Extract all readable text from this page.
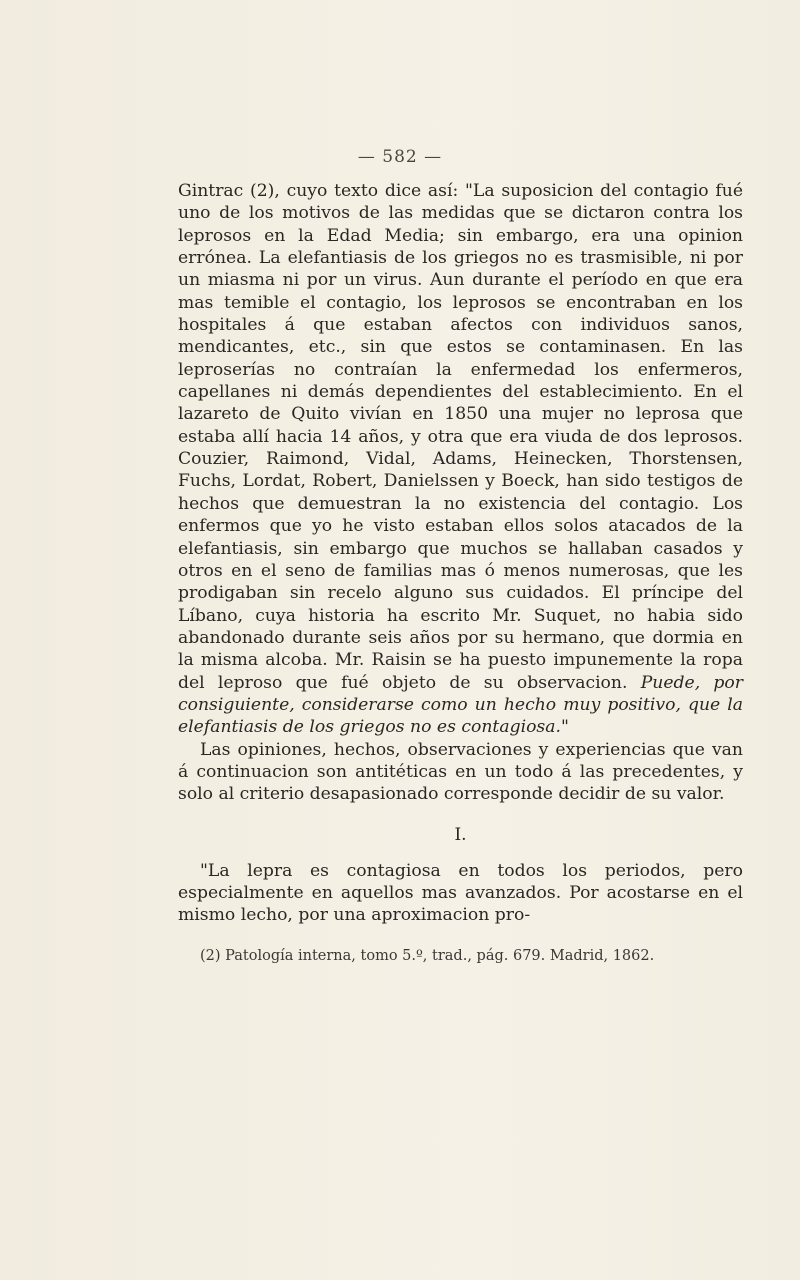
— 582 —

Gintrac (2), cuyo texto dice así: "La suposicion del contagio fué uno de los motivos de las medidas que se dictaron contra los leprosos en la Edad Media; sin embargo, era una opinion errónea. La elefantiasis de los griegos no es trasmisible, ni por un miasma ni por un virus. Aun durante el período en que era mas temible el contagio, los leprosos se encontraban en los hospitales á que estaban afectos con individuos sanos, mendicantes, etc., sin que estos se contaminasen. En las leproserías no contraían la enfermedad los enfermeros, capellanes ni demás dependientes del establecimiento. En el lazareto de Quito vivían en 1850 una mujer no leprosa que estaba allí hacia 14 años, y otra que era viuda de dos leprosos. Couzier, Raimond, Vidal, Adams, Heinecken, Thorstensen, Fuchs, Lordat, Robert, Danielssen y Boeck, han sido testigos de hechos que demuestran la no existencia del contagio. Los enfermos que yo he visto estaban ellos solos atacados de la elefantiasis, sin embargo que muchos se hallaban casados y otros en el seno de familias mas ó menos numerosas, que les prodigaban sin recelo alguno sus cuidados. El príncipe del Líbano, cuya historia ha escrito Mr. Suquet, no habia sido abandonado durante seis años por su hermano, que dormia en la misma alcoba. Mr. Raisin se ha puesto impunemente la ropa del leproso que fué objeto de su observacion. Puede, por consiguiente, considerarse como un hecho muy positivo, que la elefantiasis de los griegos no es contagiosa."

Las opiniones, hechos, observaciones y experiencias que van á continuacion son antitéticas en un todo á las precedentes, y solo al criterio desapasionado corresponde decidir de su valor.

I.

"La lepra es contagiosa en todos los periodos, pero especialmente en aquellos mas avanzados. Por acostarse en el mismo lecho, por una aproximacion pro-

(2) Patología interna, tomo 5.º, trad., pág. 679. Madrid, 1862.
